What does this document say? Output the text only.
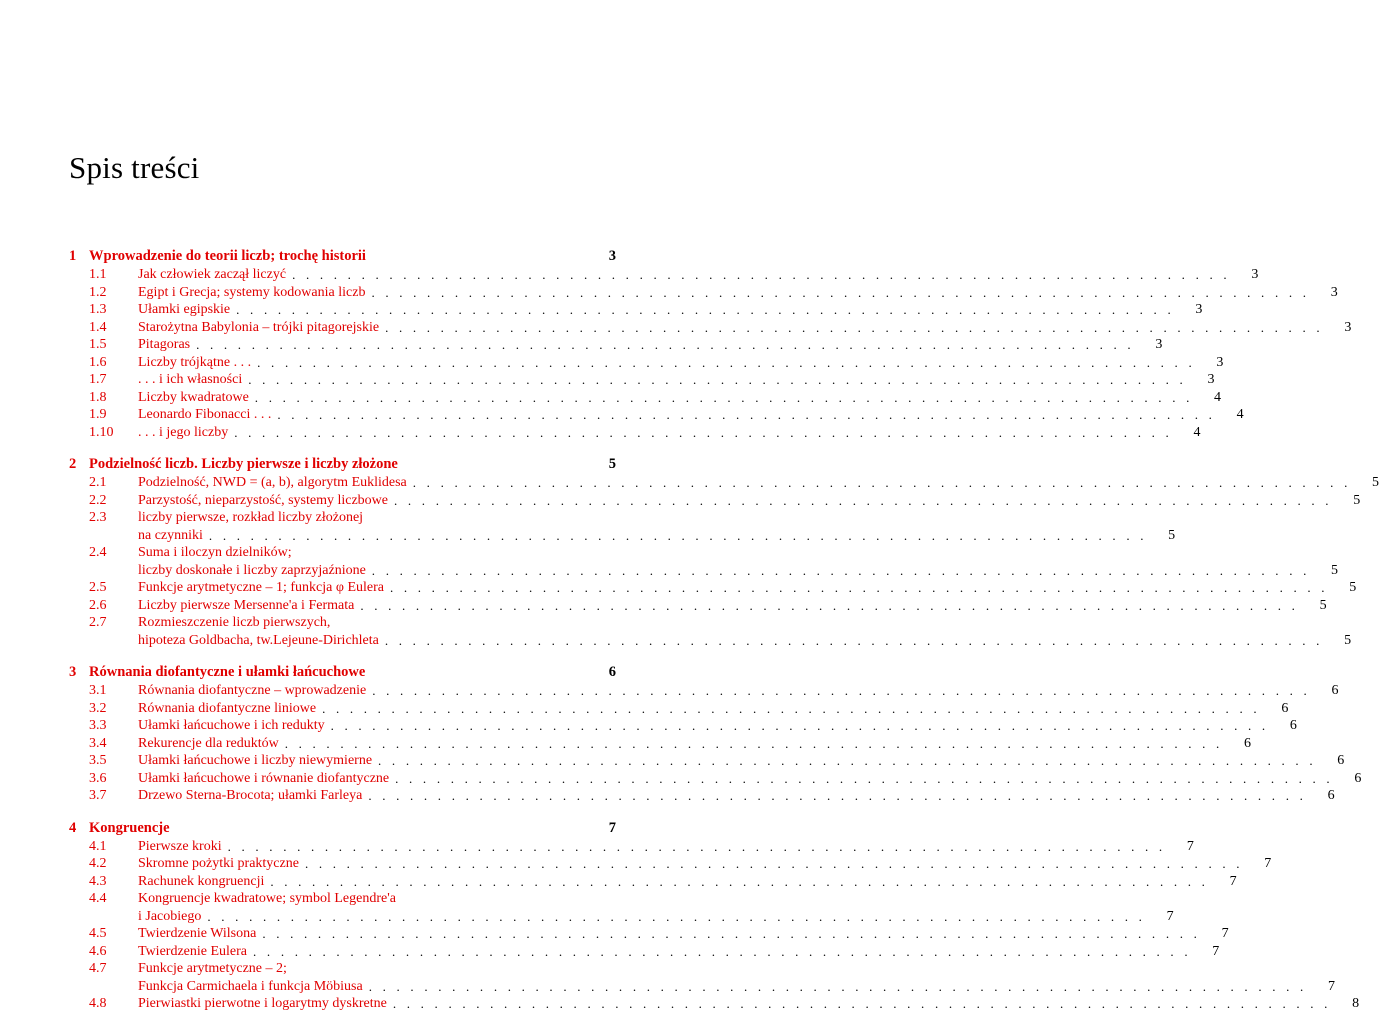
Spis treści
1 Wprowadzenie do teorii liczb; trochę historii	3
1.1	Jak człowiek zaczął liczyć . . . . . . . . . . . . . . . . . . . . . . . . . . . . . . . . . . . . . . . . . . . . . . . . . . . . . . . . . . . . . . . . . . . .	3
1.2	Egipt i Grecja; systemy kodowania liczb . . . . . . . . . . . . . . . . . . . . . . . . . . . . . . . . . . . . . . . . . . . . . . . . . . . . . . . . . . . . . . . . . . . .	3
1.3	Ułamki egipskie . . . . . . . . . . . . . . . . . . . . . . . . . . . . . . . . . . . . . . . . . . . . . . . . . . . . . . . . . . . . . . . . . . . .	3
1.4	Starożytna Babylonia – trójki pitagorejskie . . . . . . . . . . . . . . . . . . . . . . . . . . . . . . . . . . . . . . . . . . . . . . . . . . . . . . . . . . . . . . . . . . . .	3
1.5	Pitagoras . . . . . . . . . . . . . . . . . . . . . . . . . . . . . . . . . . . . . . . . . . . . . . . . . . . . . . . . . . . . . . . . . . . .	3
1.6	Liczby trójkątne . . . . . . . . . . . . . . . . . . . . . . . . . . . . . . . . . . . . . . . . . . . . . . . . . . . . . . . . . . . . . . . . . . . . . . .	3
1.7	. . . i ich własności . . . . . . . . . . . . . . . . . . . . . . . . . . . . . . . . . . . . . . . . . . . . . . . . . . . . . . . . . . . . . . . . . . . .	3
1.8	Liczby kwadratowe . . . . . . . . . . . . . . . . . . . . . . . . . . . . . . . . . . . . . . . . . . . . . . . . . . . . . . . . . . . . . . . . . . . .	4
1.9	Leonardo Fibonacci . . . . . . . . . . . . . . . . . . . . . . . . . . . . . . . . . . . . . . . . . . . . . . . . . . . . . . . . . . . . . . . . . . . . . . .	4
1.10	. . . i jego liczby . . . . . . . . . . . . . . . . . . . . . . . . . . . . . . . . . . . . . . . . . . . . . . . . . . . . . . . . . . . . . . . . . . . .	4
2 Podzielność liczb. Liczby pierwsze i liczby złożone	5
2.1	Podzielność, NWD = (a, b), algorytm Euklidesa . . . . . . . . . . . . . . . . . . . . . . . . . . . . . . . . . . . . . . . . . . . . . . . . . . . . . . . . . . . . . . . . . . . .	5
2.2	Parzystość, nieparzystość, systemy liczbowe . . . . . . . . . . . . . . . . . . . . . . . . . . . . . . . . . . . . . . . . . . . . . . . . . . . . . . . . . . . . . . . . . . . .	5
2.3	liczby pierwsze, rozkład liczby złożonej
na czynniki . . . . . . . . . . . . . . . . . . . . . . . . . . . . . . . . . . . . . . . . . . . . . . . . . . . . . . . . . . . . . . . . . . . .	5
2.4	Suma i iloczyn dzielników;
liczby doskonałe i liczby zaprzyjaźnione . . . . . . . . . . . . . . . . . . . . . . . . . . . . . . . . . . . . . . . . . . . . . . . . . . . . . . . . . . . . . . . . . . . .	5
2.5	Funkcje arytmetyczne – 1; funkcja φ Eulera . . . . . . . . . . . . . . . . . . . . . . . . . . . . . . . . . . . . . . . . . . . . . . . . . . . . . . . . . . . . . . . . . . . .	5
2.6	Liczby pierwsze Mersenne'a i Fermata . . . . . . . . . . . . . . . . . . . . . . . . . . . . . . . . . . . . . . . . . . . . . . . . . . . . . . . . . . . . . . . . . . . .	5
2.7	Rozmieszczenie liczb pierwszych,
hipoteza Goldbacha, tw.Lejeune-Dirichleta . . . . . . . . . . . . . . . . . . . . . . . . . . . . . . . . . . . . . . . . . . . . . . . . . . . . . . . . . . . . . . . . . . . .	5
3 Równania diofantyczne i ułamki łańcuchowe	6
3.1	Równania diofantyczne – wprowadzenie . . . . . . . . . . . . . . . . . . . . . . . . . . . . . . . . . . . . . . . . . . . . . . . . . . . . . . . . . . . . . . . . . . . .	6
3.2	Równania diofantyczne liniowe . . . . . . . . . . . . . . . . . . . . . . . . . . . . . . . . . . . . . . . . . . . . . . . . . . . . . . . . . . . . . . . . . . . .	6
3.3	Ułamki łańcuchowe i ich redukty . . . . . . . . . . . . . . . . . . . . . . . . . . . . . . . . . . . . . . . . . . . . . . . . . . . . . . . . . . . . . . . . . . . .	6
3.4	Rekurencje dla reduktów . . . . . . . . . . . . . . . . . . . . . . . . . . . . . . . . . . . . . . . . . . . . . . . . . . . . . . . . . . . . . . . . . . . .	6
3.5	Ułamki łańcuchowe i liczby niewymierne . . . . . . . . . . . . . . . . . . . . . . . . . . . . . . . . . . . . . . . . . . . . . . . . . . . . . . . . . . . . . . . . . . . .	6
3.6	Ułamki łańcuchowe i równanie diofantyczne . . . . . . . . . . . . . . . . . . . . . . . . . . . . . . . . . . . . . . . . . . . . . . . . . . . . . . . . . . . . . . . . . . . .	6
3.7	Drzewo Sterna-Brocota; ułamki Farleya . . . . . . . . . . . . . . . . . . . . . . . . . . . . . . . . . . . . . . . . . . . . . . . . . . . . . . . . . . . . . . . . . . . .	6
4 Kongruencje	7
4.1	Pierwsze kroki . . . . . . . . . . . . . . . . . . . . . . . . . . . . . . . . . . . . . . . . . . . . . . . . . . . . . . . . . . . . . . . . . . . .	7
4.2	Skromne pożytki praktyczne . . . . . . . . . . . . . . . . . . . . . . . . . . . . . . . . . . . . . . . . . . . . . . . . . . . . . . . . . . . . . . . . . . . .	7
4.3	Rachunek kongruencji . . . . . . . . . . . . . . . . . . . . . . . . . . . . . . . . . . . . . . . . . . . . . . . . . . . . . . . . . . . . . . . . . . . .	7
4.4	Kongruencje kwadratowe; symbol Legendre'a
i Jacobiego . . . . . . . . . . . . . . . . . . . . . . . . . . . . . . . . . . . . . . . . . . . . . . . . . . . . . . . . . . . . . . . . . . . .	7
4.5	Twierdzenie Wilsona . . . . . . . . . . . . . . . . . . . . . . . . . . . . . . . . . . . . . . . . . . . . . . . . . . . . . . . . . . . . . . . . . . . .	7
4.6	Twierdzenie Eulera . . . . . . . . . . . . . . . . . . . . . . . . . . . . . . . . . . . . . . . . . . . . . . . . . . . . . . . . . . . . . . . . . . . .	7
4.7	Funkcje arytmetyczne – 2;
Funkcja Carmichaela i funkcja Möbiusa . . . . . . . . . . . . . . . . . . . . . . . . . . . . . . . . . . . . . . . . . . . . . . . . . . . . . . . . . . . . . . . . . . . .	7
4.8	Pierwiastki pierwotne i logarytmy dyskretne . . . . . . . . . . . . . . . . . . . . . . . . . . . . . . . . . . . . . . . . . . . . . . . . . . . . . . . . . . . . . . . . . . . .	8
